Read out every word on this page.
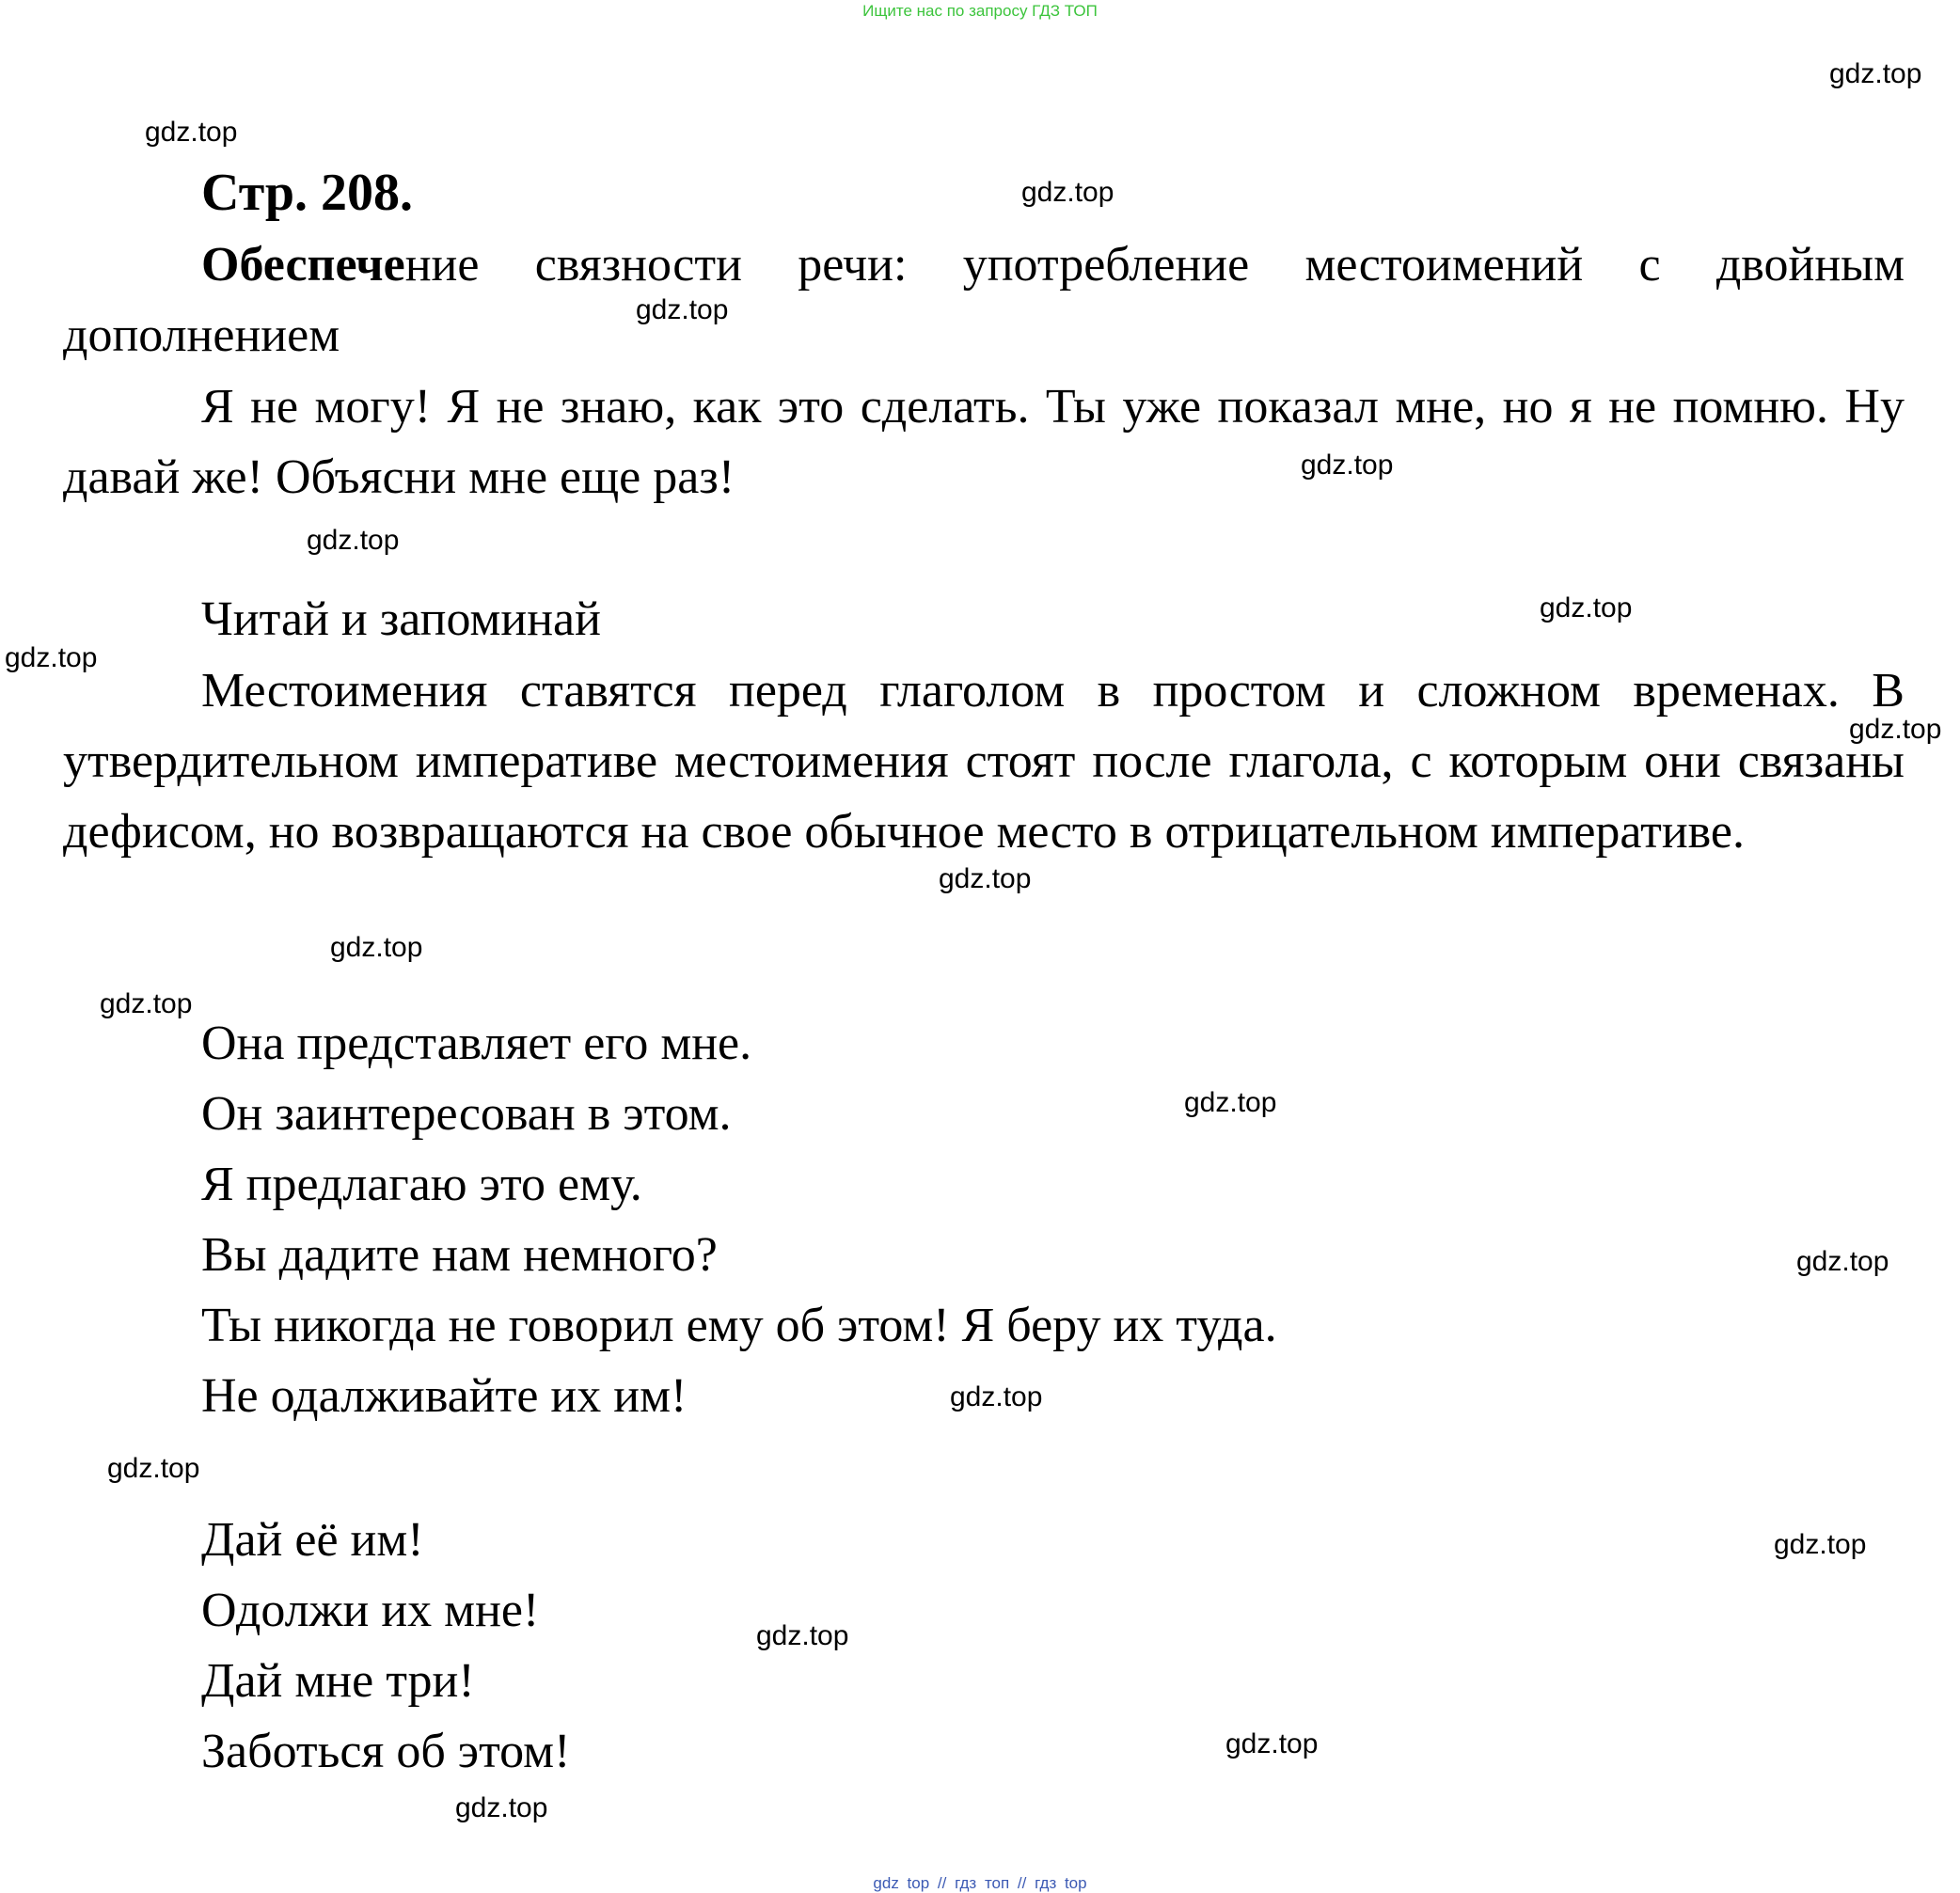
Ищите нас по запросу ГДЗ ТОП
gdz.top
gdz.top
gdz.top
gdz.top
gdz.top
gdz.top
gdz.top
gdz.top
gdz.top
gdz.top
gdz.top
gdz.top
gdz.top
gdz.top
gdz.top
gdz.top
gdz.top
gdz.top
gdz.top
gdz.top
Стр. 208.
Обеспечение связности речи: употребление местоимений с двойным дополнением
Я не могу! Я не знаю, как это сделать. Ты уже показал мне, но я не помню. Ну давай же! Объясни мне еще раз!
Читай и запоминай
Местоимения ставятся перед глаголом в простом и сложном временах. В утвердительном императиве местоимения стоят после глагола, с которым они связаны дефисом, но возвращаются на свое обычное место в отрицательном императиве.
Она представляет его мне.
Он заинтересован в этом.
Я предлагаю это ему.
Вы дадите нам немного?
Ты никогда не говорил ему об этом! Я беру их туда.
Не одалживайте их им!
Дай её им!
Одолжи их мне!
Дай мне три!
Заботься об этом!
gdz top // гдз топ // гдз top
